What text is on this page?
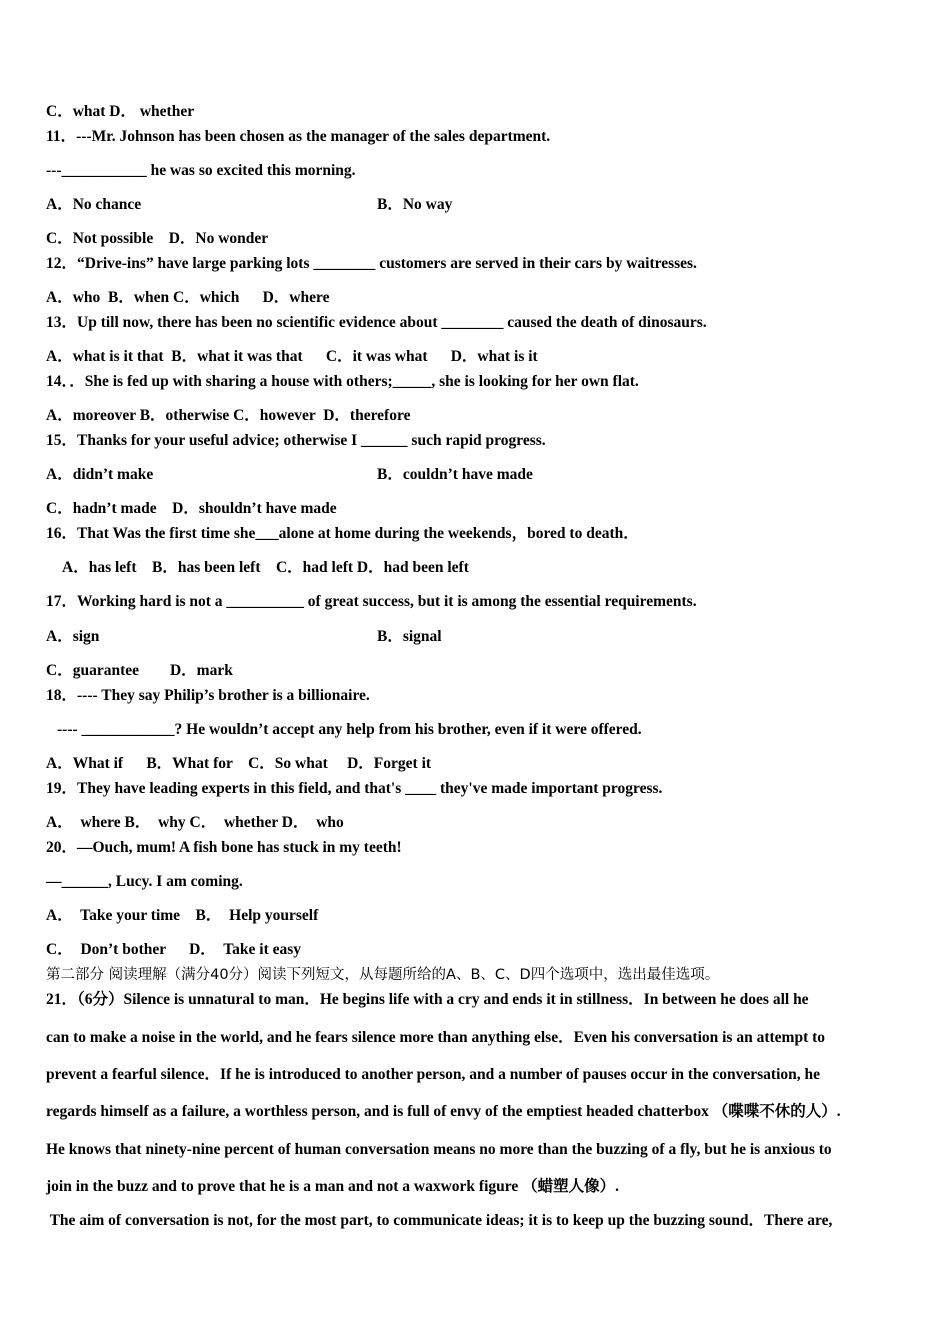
C．what D． whether
11．---Mr. Johnson has been chosen as the manager of the sales department.
---___________ he was so excited this morning.
A．No chance	B．No way
C．Not possible    D．No wonder
12．“Drive-ins” have large parking lots ________ customers are served in their cars by waitresses.
A．who  B．when C．which      D．where
13．Up till now, there has been no scientific evidence about ________ caused the death of dinosaurs.
A．what is it that  B．what it was that      C．it was what      D．what is it
14．．She is fed up with sharing a house with others;_____, she is looking for her own flat.
A．moreover B．otherwise C．however  D．therefore
15．Thanks for your useful advice; otherwise I ______ such rapid progress.
A．didn’t make	B．couldn’t have made
C．hadn’t made    D．shouldn’t have made
16．That Was the first time she___alone at home during the weekends，bored to death．
A．has left    B．has been left    C．had left D．had been left
17．Working hard is not a __________ of great success, but it is among the essential requirements.
A．sign	B．signal
C．guarantee        D．mark
18．---- They say Philip’s brother is a billionaire.
---- ____________? He wouldn’t accept any help from his brother, even if it were offered.
A．What if      B．What for    C．So what     D．Forget it
19．They have leading experts in this field, and that's ____ they've made important progress.
A．  where B．  why C．  whether D．  who
20．—Ouch, mum! A fish bone has stuck in my teeth!
—______, Lucy. I am coming.
A．  Take your time    B．  Help yourself
C．  Don’t bother      D．  Take it easy
第二部分 阅读理解（满分40分）阅读下列短文，从每题所给的A、B、C、D四个选项中，选出最佳选项。
21．（6分）Silence is unnatural to man．He begins life with a cry and ends it in stillness．In between he does all he
can to make a noise in the world, and he fears silence more than anything else．Even his conversation is an attempt to
prevent a fearful silence．If he is introduced to another person, and a number of pauses occur in the conversation, he
regards himself as a failure, a worthless person, and is full of envy of the emptiest headed chatterbox （喋喋不休的人）.
He knows that ninety-nine percent of human conversation means no more than the buzzing of a fly, but he is anxious to
join in the buzz and to prove that he is a man and not a waxwork figure （蜡塑人像）.
The aim of conversation is not, for the most part, to communicate ideas; it is to keep up the buzzing sound．There are,
